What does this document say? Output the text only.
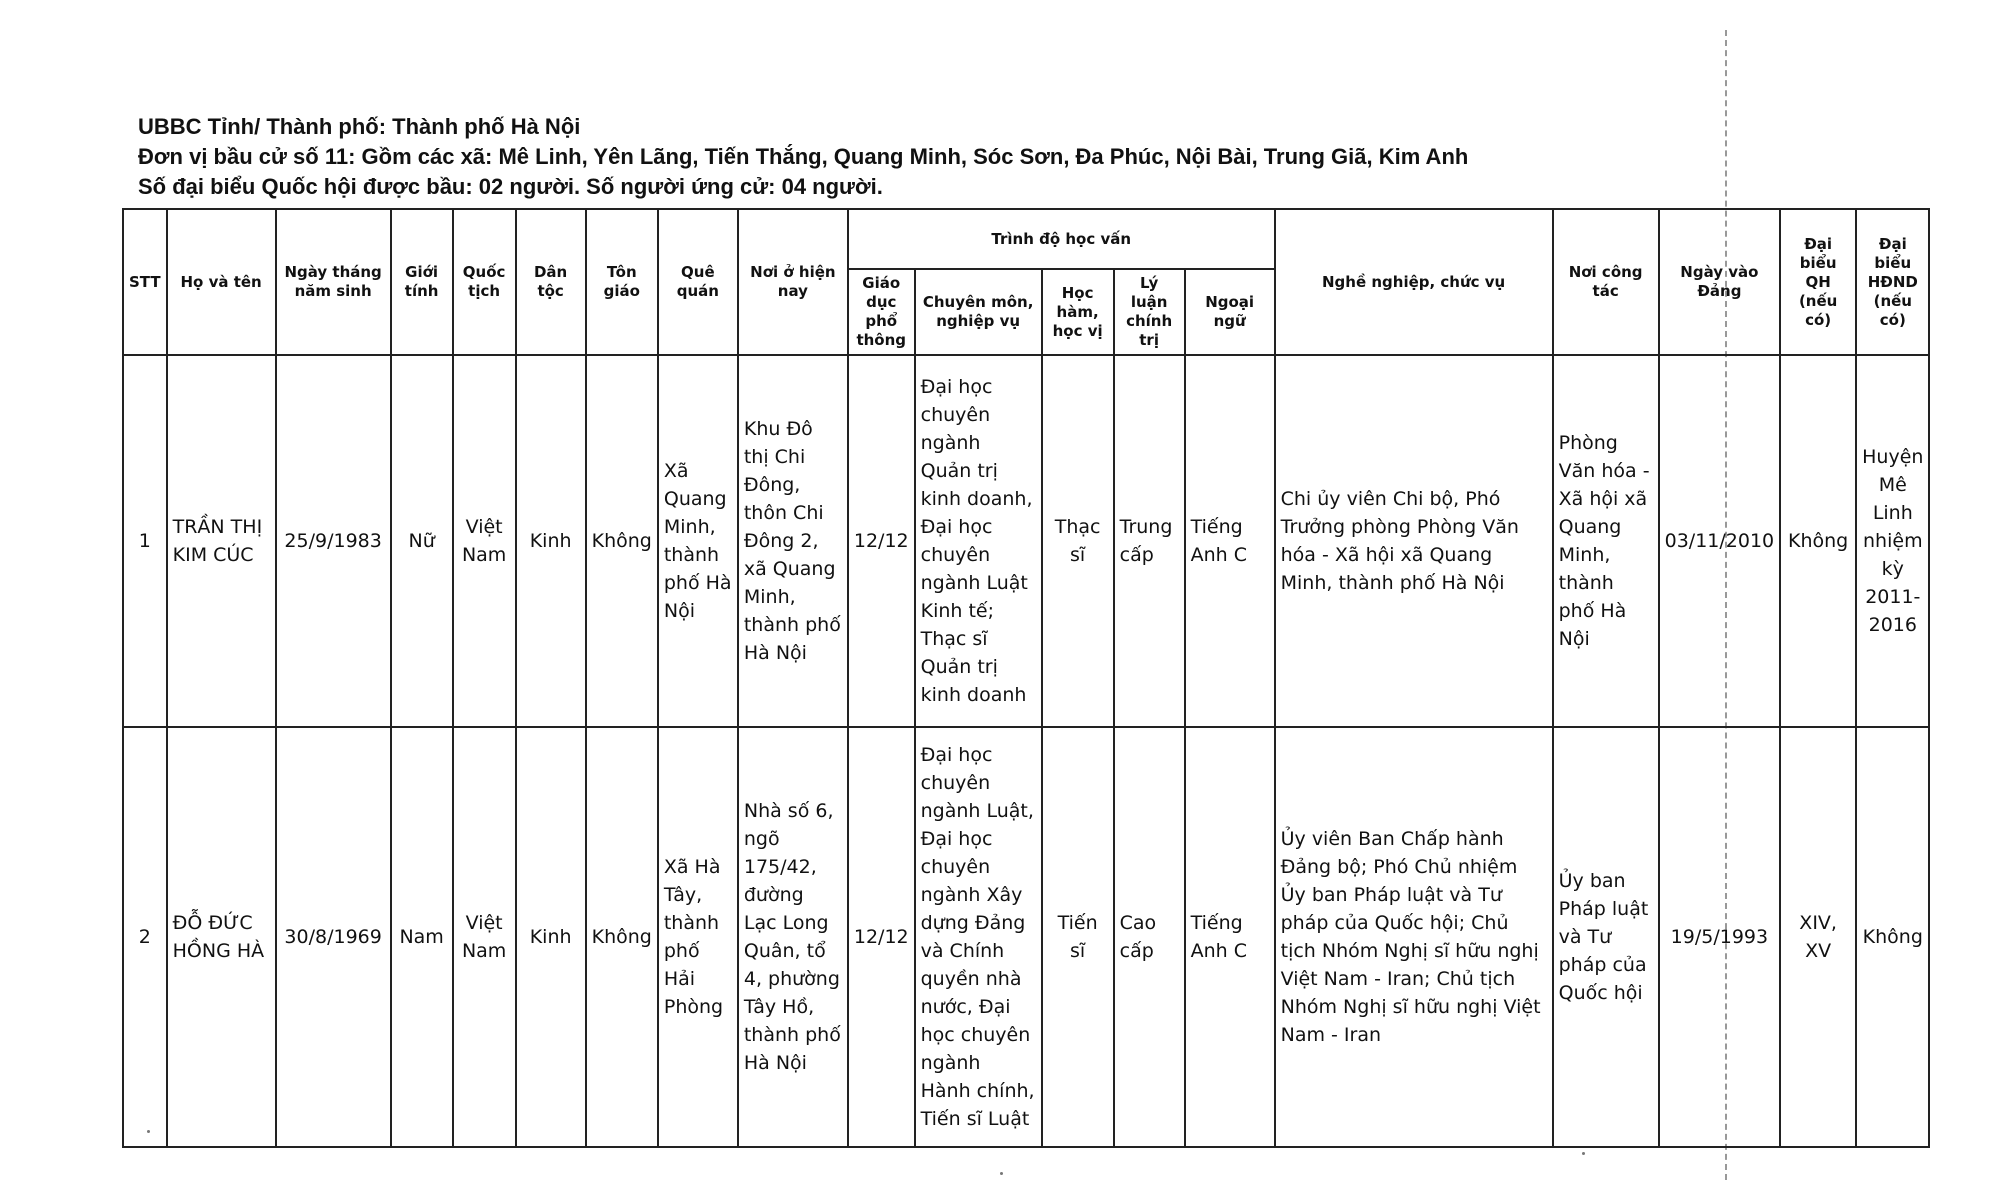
UBBC Tỉnh/ Thành phố: Thành phố Hà Nội
Đơn vị bầu cử số 11: Gồm các xã: Mê Linh, Yên Lãng, Tiến Thắng, Quang Minh, Sóc Sơn, Đa Phúc, Nội Bài, Trung Giã, Kim Anh
Số đại biểu Quốc hội được bầu: 02 người. Số người ứng cử: 04 người.
STT	Họ và tên	Ngày tháng năm sinh	Giới tính	Quốc tịch	Dân tộc	Tôn giáo	Quê quán	Nơi ở hiện nay	Trình độ học vấn					Nghề nghiệp, chức vụ	Nơi công tác	Ngày vào Đảng	Đại biểu QH (nếu có)	Đại biểu HĐND (nếu có)
									Giáo dục phổ thông	Chuyên môn, nghiệp vụ	Học hàm, học vị	Lý luận chính trị	Ngoại ngữ					
1	TRẦN THỊ KIM CÚC	25/9/1983	Nữ	Việt Nam	Kinh	Không	Xã Quang Minh, thành phố Hà Nội	Khu Đô thị Chi Đông, thôn Chi Đông 2, xã Quang Minh, thành phố Hà Nội	12/12	Đại học chuyên ngành Quản trị kinh doanh, Đại học chuyên ngành Luật Kinh tế; Thạc sĩ Quản trị kinh doanh	Thạc sĩ	Trung cấp	Tiếng Anh C	Chi ủy viên Chi bộ, Phó Trưởng phòng Phòng Văn hóa - Xã hội xã Quang Minh, thành phố Hà Nội	Phòng Văn hóa - Xã hội xã Quang Minh, thành phố Hà Nội	03/11/2010	Không	Huyện Mê Linh nhiệm kỳ 2011-2016
2	ĐỖ ĐỨC HỒNG HÀ	30/8/1969	Nam	Việt Nam	Kinh	Không	Xã Hà Tây, thành phố Hải Phòng	Nhà số 6, ngõ 175/42, đường Lạc Long Quân, tổ 4, phường Tây Hồ, thành phố Hà Nội	12/12	Đại học chuyên ngành Luật, Đại học chuyên ngành Xây dựng Đảng và Chính quyền nhà nước, Đại học chuyên ngành Hành chính, Tiến sĩ Luật	Tiến sĩ	Cao cấp	Tiếng Anh C	Ủy viên Ban Chấp hành Đảng bộ; Phó Chủ nhiệm Ủy ban Pháp luật và Tư pháp của Quốc hội; Chủ tịch Nhóm Nghị sĩ hữu nghị Việt Nam - Iran; Chủ tịch Nhóm Nghị sĩ hữu nghị Việt Nam - Iran	Ủy ban Pháp luật và Tư pháp của Quốc hội	19/5/1993	XIV, XV	Không
